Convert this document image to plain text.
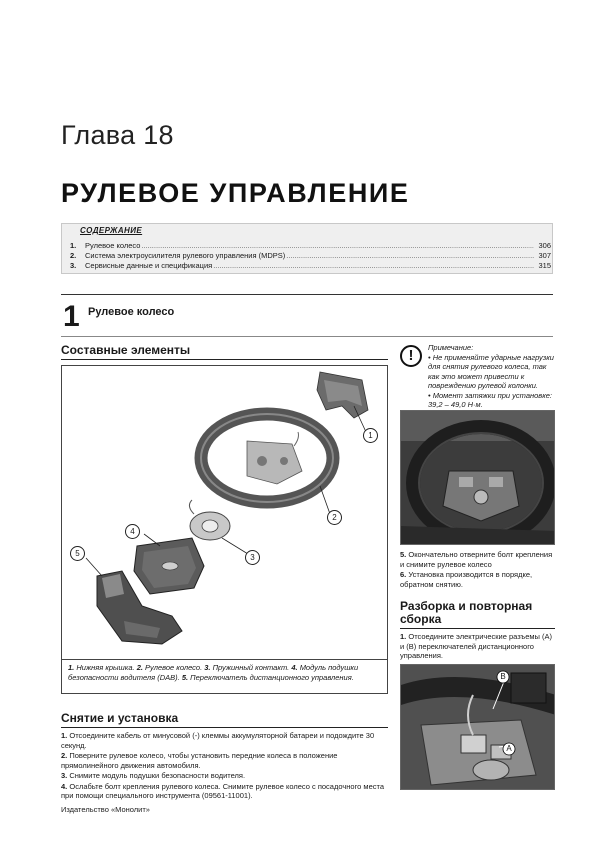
Глава 18
РУЛЕВОЕ УПРАВЛЕНИЕ
СОДЕРЖАНИЕ
1.	Рулевое колесо .....	306
2.	Система электроусилителя рулевого управления (MDPS) .....	307
3.	Сервисные данные и спецификация .....	315
1 Рулевое колесо
Составные элементы
1
2
3
4
5
1. Нижняя крышка. 2. Рулевое колесо. 3. Пружинный контакт. 4. Модуль подушки безопасности водителя (DAB). 5. Переключатель дистанционного управления.
Снятие и установка

1. Отсоедините кабель от минусовой (-) клеммы аккумуляторной батареи и подождите 30 секунд.

2. Поверните рулевое колесо, чтобы установить передние колеса в положение прямолинейного движения автомобиля.

3. Снимите модуль подушки безопасности водителя.

4. Ослабьте болт крепления рулевого колеса. Снимите рулевое колесо с посадочного места при помощи специального инструмента (09561-11001).

!	Примечание:
• Не применяйте ударные нагрузки для снятия рулевого колеса, так как это может привести к повреждению рулевой колонки.
• Момент затяжки при установке:
39,2 – 49,0 Н·м.

5. Окончательно отверните болт крепления и снимите рулевое колесо

6. Установка производится в порядке, обратном снятию.

Разборка и повторная сборка

1. Отсоедините электрические разъемы (A) и (B) переключателей дистанционного управления.

B
A
Издательство «Монолит»
